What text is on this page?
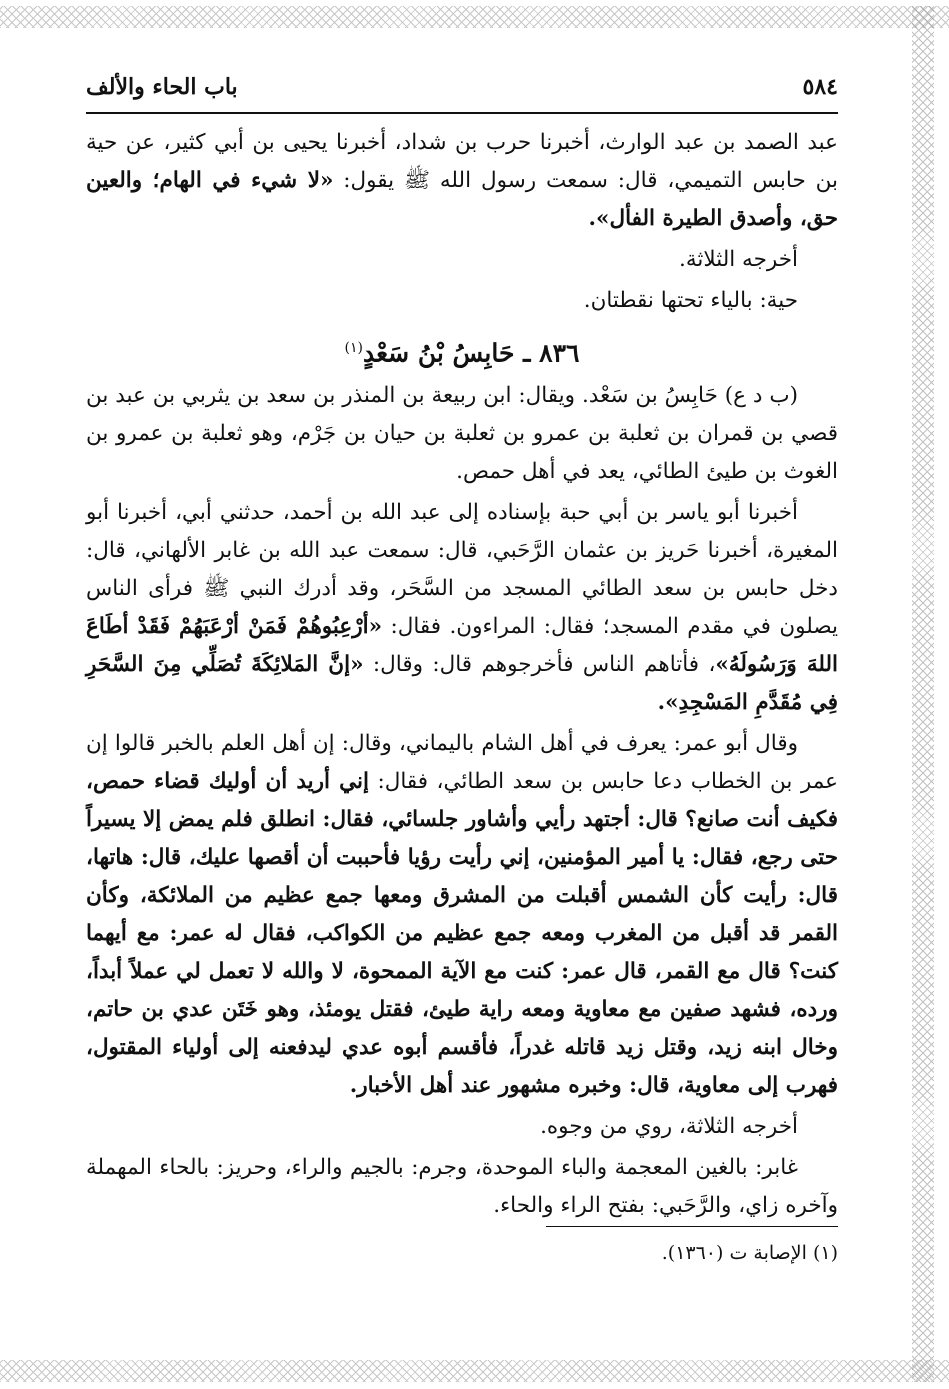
٥٨٤
باب الحاء والألف

عبد الصمد بن عبد الوارث، أخبرنا حرب بن شداد، أخبرنا يحيى بن أبي كثير، عن حية بن حابس التميمي، قال: سمعت رسول الله ﷺ يقول: «لا شيء في الهام؛ والعين حق، وأصدق الطيرة الفأل».

أخرجه الثلاثة.

حية: بالياء تحتها نقطتان.

٨٣٦ ـ حَابِسُ بْنُ سَعْدٍ$^{(١)}$

(ب د ع) حَابِسُ بن سَعْد. ويقال: ابن ربيعة بن المنذر بن سعد بن يثربي بن عبد بن قصي بن قمران بن ثعلبة بن عمرو بن ثعلبة بن حيان بن جَرْم، وهو ثعلبة بن عمرو بن الغوث بن طيئ الطائي، يعد في أهل حمص.

أخبرنا أبو ياسر بن أبي حبة بإسناده إلى عبد الله بن أحمد، حدثني أبي، أخبرنا أبو المغيرة، أخبرنا حَريز بن عثمان الرَّحَبي، قال: سمعت عبد الله بن غابر الألهاني، قال: دخل حابس بن سعد الطائي المسجد من السَّحَر، وقد أدرك النبي ﷺ فرأى الناس يصلون في مقدم المسجد؛ فقال: المراءون. فقال: «أرْعِبُوهُمْ فَمَنْ أرْعَبَهُمْ فَقَدْ أطَاعَ اللهَ وَرَسُولَهُ»، فأتاهم الناس فأخرجوهم قال: وقال: «إنَّ المَلائِكَةَ تُصَلِّي مِنَ السَّحَرِ فِي مُقَدَّمِ المَسْجِدِ».

وقال أبو عمر: يعرف في أهل الشام باليماني، وقال: إن أهل العلم بالخبر قالوا إن عمر بن الخطاب دعا حابس بن سعد الطائي، فقال: إني أريد أن أوليك قضاء حمص، فكيف أنت صانع؟ قال: أجتهد رأيي وأشاور جلسائي، فقال: انطلق فلم يمض إلا يسيراً حتى رجع، فقال: يا أمير المؤمنين، إني رأيت رؤيا فأحببت أن أقصها عليك، قال: هاتها، قال: رأيت كأن الشمس أقبلت من المشرق ومعها جمع عظيم من الملائكة، وكأن القمر قد أقبل من المغرب ومعه جمع عظيم من الكواكب، فقال له عمر: مع أيهما كنت؟ قال مع القمر، قال عمر: كنت مع الآية الممحوة، لا والله لا تعمل لي عملاً أبداً، ورده، فشهد صفين مع معاوية ومعه راية طيئ، فقتل يومئذ، وهو خَتَن عدي بن حاتم، وخال ابنه زيد، وقتل زيد قاتله غدراً، فأقسم أبوه عدي ليدفعنه إلى أولياء المقتول، فهرب إلى معاوية، قال: وخبره مشهور عند أهل الأخبار.

أخرجه الثلاثة، روي من وجوه.

غابر: بالغين المعجمة والباء الموحدة، وجرم: بالجيم والراء، وحريز: بالحاء المهملة وآخره زاي، والرَّحَبي: بفتح الراء والحاء.

(١) الإصابة ت (١٣٦٠).
